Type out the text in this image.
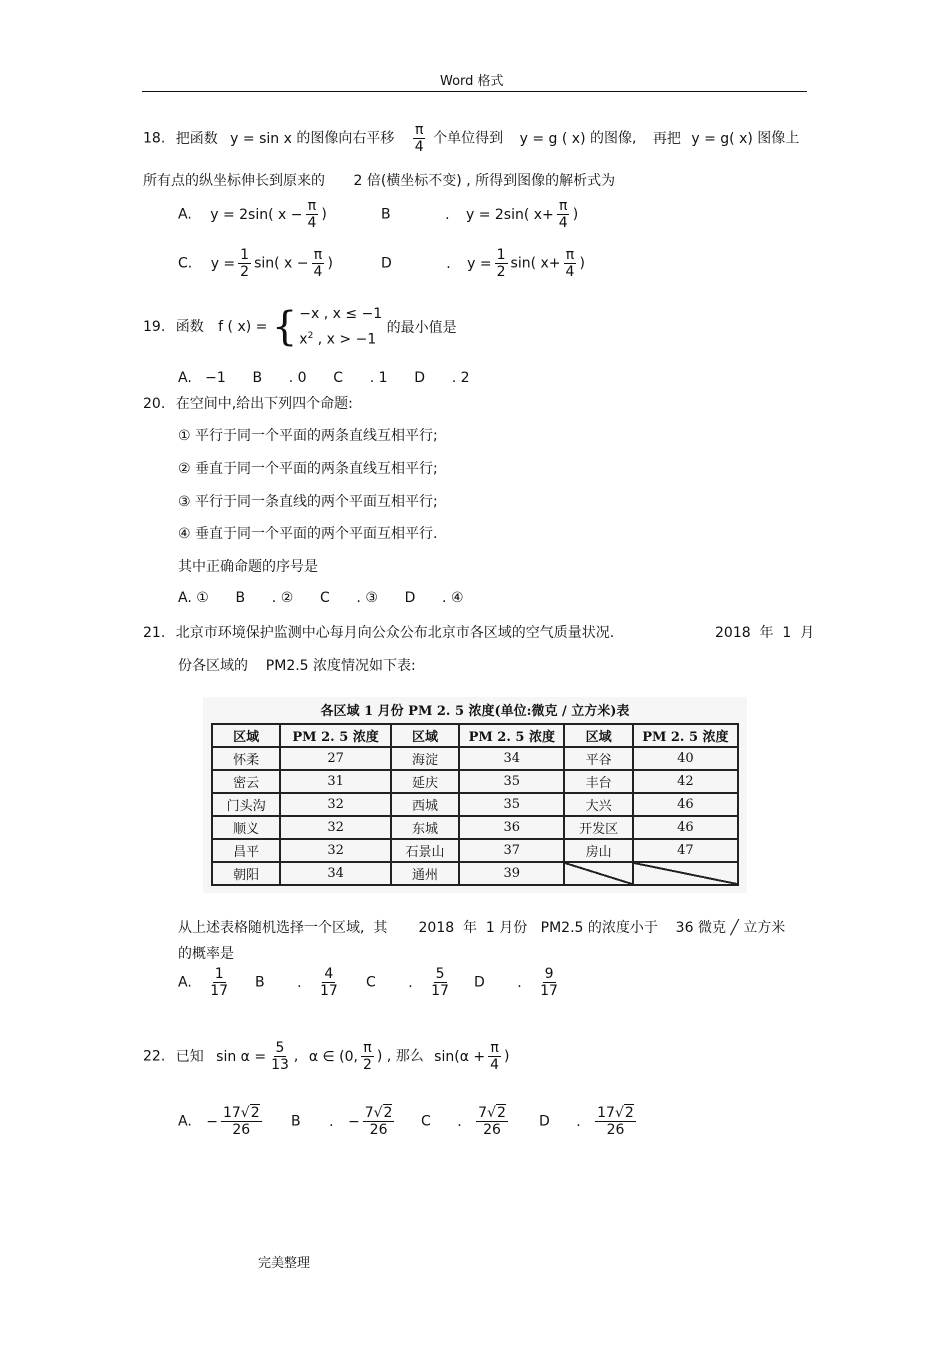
Word 格式
18. 把函数 y = sin x 的图像向右平移 $\frac{\pi}{4}$ 个单位得到 y = g ( x) 的图像, 再把 y = g( x) 图像上
所有点的纵坐标伸长到原来的 2 倍(横坐标不变) , 所得到图像的解析式为
A. y = 2sin( $x - \frac{\pi}{4}$ )	B	. y = 2sin( $x+ \frac{\pi}{4}$ )
C. $y = \frac{1}{2} \sin$( $x - \frac{\pi}{4}$ )	D	. $y = \frac{1}{2} \sin$( $x+ \frac{\pi}{4}$ )
19. 函数 f ( x) = { −x , x ≤ −1
$x^2$ , x > −1
的最小值是
A.   −1      B      . 0      C      . 1      D      . 2
20. 在空间中,给出下列四个命题:
① 平行于同一个平面的两条直线互相平行;
② 垂直于同一个平面的两条直线互相平行;
③ 平行于同一条直线的两个平面互相平行;
④ 垂直于同一个平面的两个平面互相平行.
其中正确命题的序号是
A. ①      B      . ②      C      . ③      D      . ④
21. 北京市环境保护监测中心每月向公众公布北京市各区域的空气质量状况.	2018  年  1  月
份各区域的    PM2.5 浓度情况如下表:
各区域 1 月份 PM 2. 5 浓度(单位:微克 / 立方米)表
区域	PM 2. 5 浓度	区域	PM 2. 5 浓度	区域	PM 2. 5 浓度
怀柔	27	海淀	34	平谷	40
密云	31	延庆	35	丰台	42
门头沟	32	西城	35	大兴	46
顺义	32	东城	36	开发区	46
昌平	32	石景山	37	房山	47
朝阳	34	通州	39		
从上述表格随机选择一个区域,  其       2018  年  1 月份   PM2.5 的浓度小于    36 微克 ╱ 立方米
的概率是
A. $\frac{1}{17}$ B . $\frac{4}{17}$ C . $\frac{5}{17}$ D . $\frac{9}{17}$
22. 已知 $\sin \alpha = \frac{5}{13}$ , α ∈ (0, $\frac{\pi}{2}$ ) , 那么 $\sin(\alpha + \frac{\pi}{4}$ )
A. − $\frac{17√2}{26}$ B . − $\frac{7√2}{26}$ C . $\frac{7√2}{26}$ D . $\frac{17√2}{26}$
完美整理
